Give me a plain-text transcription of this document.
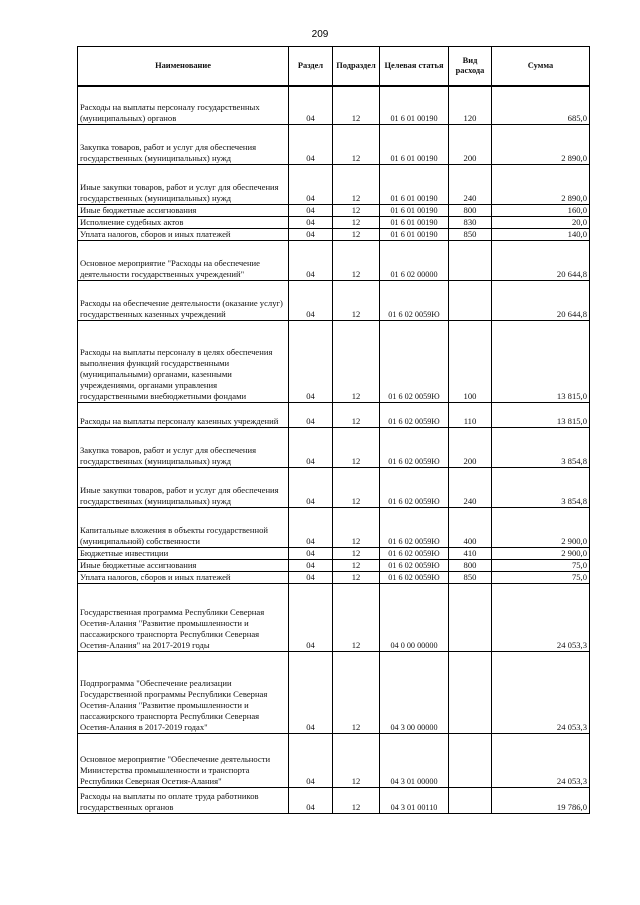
209
Наименование	Раздел	Подраздел	Целевая статья	Вид расхода	Сумма
Расходы на выплаты персоналу государственных (муниципальных) органов	04	12	01 6 01 00190	120	685,0
Закупка товаров, работ и услуг для обеспечения государственных (муниципальных) нужд	04	12	01 6 01 00190	200	2 890,0
Иные закупки товаров, работ и услуг для обеспечения государственных (муниципальных) нужд	04	12	01 6 01 00190	240	2 890,0
Иные бюджетные ассигнования	04	12	01 6 01 00190	800	160,0
Исполнение судебных актов	04	12	01 6 01 00190	830	20,0
Уплата налогов, сборов и иных платежей	04	12	01 6 01 00190	850	140,0
Основное мероприятие "Расходы на обеспечение деятельности государственных учреждений"	04	12	01 6 02 00000		20 644,8
Расходы на обеспечение деятельности (оказание услуг) государственных казенных учреждений	04	12	01 6 02 0059Ю		20 644,8
Расходы на выплаты персоналу в целях обеспечения выполнения функций государственными (муниципальными) органами, казенными учреждениями, органами управления государственными внебюджетными фондами	04	12	01 6 02 0059Ю	100	13 815,0
Расходы на выплаты персоналу казенных учреждений	04	12	01 6 02 0059Ю	110	13 815,0
Закупка товаров, работ и услуг для обеспечения государственных (муниципальных) нужд	04	12	01 6 02 0059Ю	200	3 854,8
Иные закупки товаров, работ и услуг для обеспечения государственных (муниципальных) нужд	04	12	01 6 02 0059Ю	240	3 854,8
Капитальные вложения в объекты государственной (муниципальной) собственности	04	12	01 6 02 0059Ю	400	2 900,0
Бюджетные инвестиции	04	12	01 6 02 0059Ю	410	2 900,0
Иные бюджетные ассигнования	04	12	01 6 02 0059Ю	800	75,0
Уплата налогов, сборов и иных платежей	04	12	01 6 02 0059Ю	850	75,0
Государственная программа Республики Северная Осетия-Алания "Развитие промышленности и пассажирского транспорта Республики Северная Осетия-Алания" на 2017-2019 годы	04	12	04 0 00 00000		24 053,3
Подпрограмма "Обеспечение реализации Государственной программы Республики Северная Осетия-Алания "Развитие промышленности и пассажирского транспорта Республики Северная Осетия-Алания в 2017-2019 годах"	04	12	04 3 00 00000		24 053,3
Основное мероприятие "Обеспечение деятельности Министерства промышленности и транспорта Республики Северная Осетия-Алания"	04	12	04 3 01 00000		24 053,3
Расходы на выплаты по оплате труда работников государственных органов	04	12	04 3 01 00110		19 786,0
